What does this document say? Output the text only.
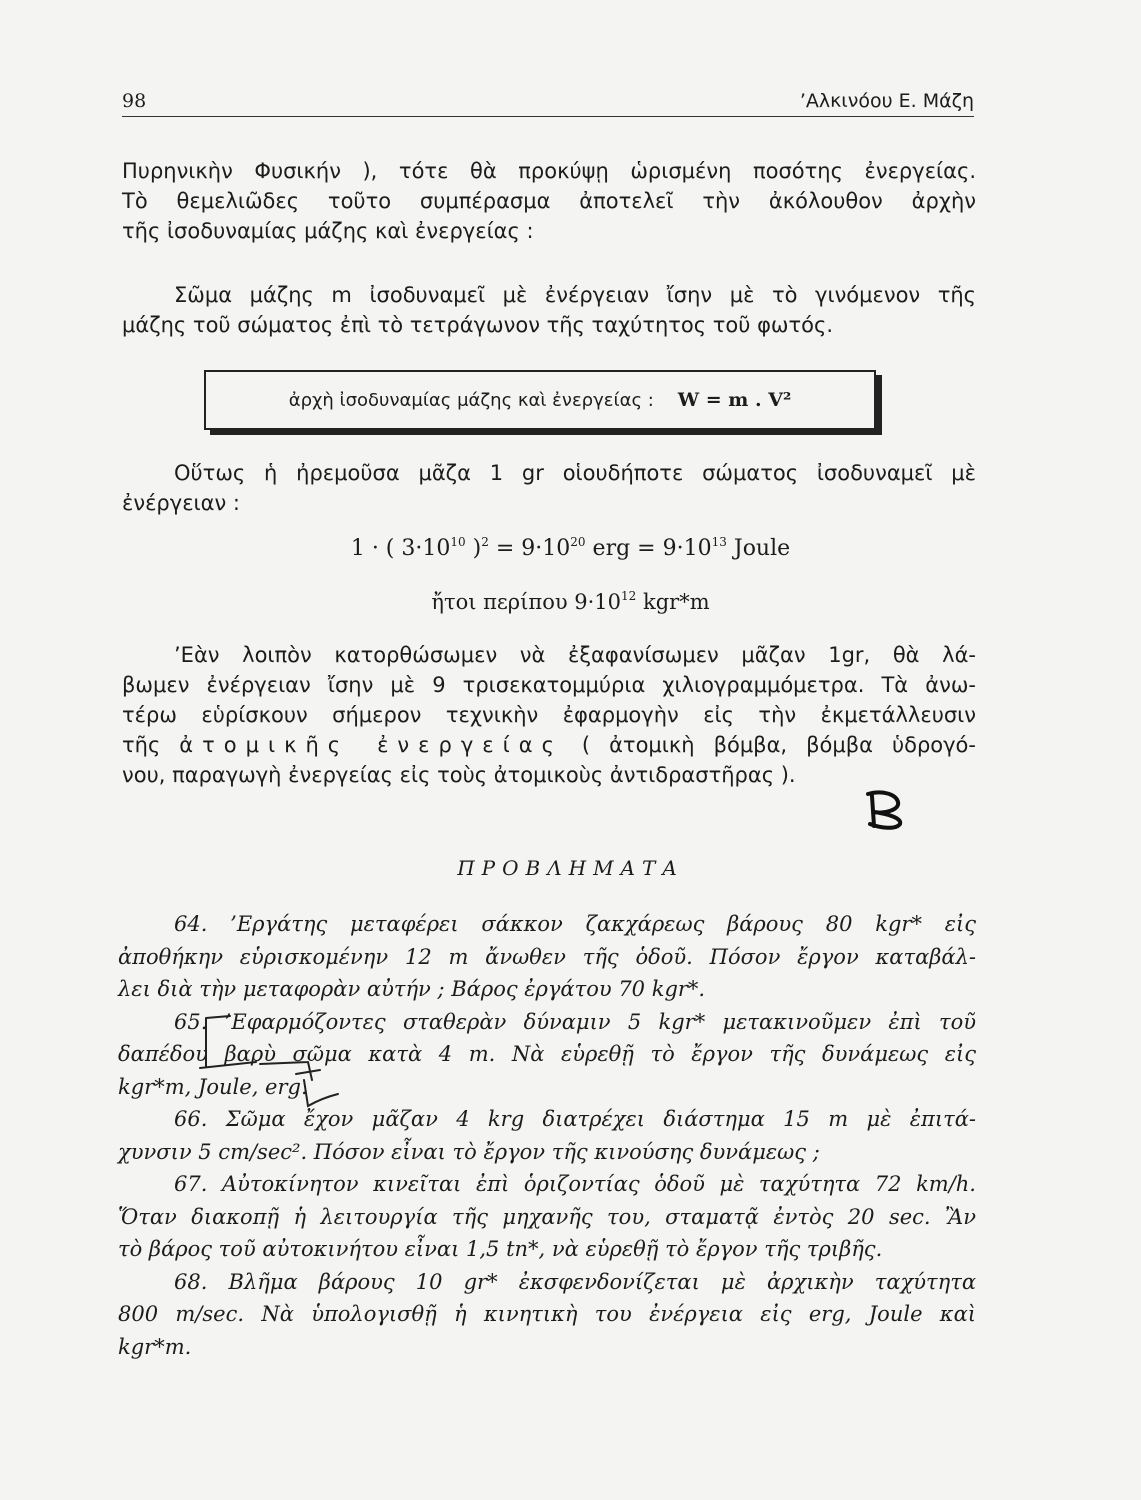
98	’Αλκινόου Ε. Μάζη
Πυρηνικὴν Φυσικήν ), τότε θὰ προκύψῃ ὡρισμένη ποσότης ἐνεργείας.
Τὸ θεμελιῶδες τοῦτο συμπέρασμα ἀποτελεῖ τὴν ἀκόλουθον ἀρχὴν
τῆς ἰσοδυναμίας μάζης καὶ ἐνεργείας :
Σῶμα μάζης m ἰσοδυναμεῖ μὲ ἐνέργειαν ἴσην μὲ τὸ γινόμενον τῆς
μάζης τοῦ σώματος ἐπὶ τὸ τετράγωνον τῆς ταχύτητος τοῦ φωτός.
ἀρχὴ ἰσοδυναμίας μάζης καὶ ἐνεργείας : W = m . V²
Οὕτως ἡ ἠρεμοῦσα μᾶζα 1 gr οἱουδήποτε σώματος ἰσοδυναμεῖ μὲ
ἐνέργειαν :
1 · ( $3\cdot 10^{10}$ )$^2 = 9\cdot 10^{20}$ erg = $9\cdot 10^{13}$ Joule
ἤτοι περίπου $9\cdot 10^{12}$ kgr*m
’Εὰν λοιπὸν κατορθώσωμεν νὰ ἐξαφανίσωμεν μᾶζαν 1gr, θὰ λά-
βωμεν ἐνέργειαν ἴσην μὲ 9 τρισεκατομμύρια χιλιογραμμόμετρα. Τὰ ἀνω-
τέρω εὑρίσκουν σήμερον τεχνικὴν ἐφαρμογὴν εἰς τὴν ἐκμετάλλευσιν
τῆς ἀτομικῆς ἐνεργείας ( ἀτομικὴ βόμβα, βόμβα ὑδρογό-
νου, παραγωγὴ ἐνεργείας εἰς τοὺς ἀτομικοὺς ἀντιδραστῆρας ).
ΠΡΟΒΛΗΜΑΤΑ
64. ’Εργάτης μεταφέρει σάκκον ζακχάρεως βάρους 80 kgr* εἰς
ἀποθήκην εὑρισκομένην 12 m ἄνωθεν τῆς ὁδοῦ. Πόσον ἔργον καταβάλ-
λει διὰ τὴν μεταφορὰν αὐτήν ; Βάρος ἐργάτου 70 kgr*.
65. ’Εφαρμόζοντες σταθερὰν δύναμιν 5 kgr* μετακινοῦμεν ἐπὶ τοῦ
δαπέδου βαρὺ σῶμα κατὰ 4 m. Νὰ εὑρεθῇ τὸ ἔργον τῆς δυνάμεως εἰς
kgr*m, Joule, erg.
66. Σῶμα ἔχον μᾶζαν 4 krg διατρέχει διάστημα 15 m μὲ ἐπιτά-
χυνσιν 5 cm/sec². Πόσον εἶναι τὸ ἔργον τῆς κινούσης δυνάμεως ;
67. Αὐτοκίνητον κινεῖται ἐπὶ ὁριζοντίας ὁδοῦ μὲ ταχύτητα 72 km/h.
Ὅταν διακοπῇ ἡ λειτουργία τῆς μηχανῆς του, σταματᾷ ἐντὸς 20 sec. Ἂν
τὸ βάρος τοῦ αὐτοκινήτου εἶναι 1,5 tn*, νὰ εὑρεθῇ τὸ ἔργον τῆς τριβῆς.
68. Βλῆμα βάρους 10 gr* ἐκσφενδονίζεται μὲ ἀρχικὴν ταχύτητα
800 m/sec. Νὰ ὑπολογισθῇ ἡ κινητικὴ του ἐνέργεια εἰς erg, Joule καὶ
kgr*m.
